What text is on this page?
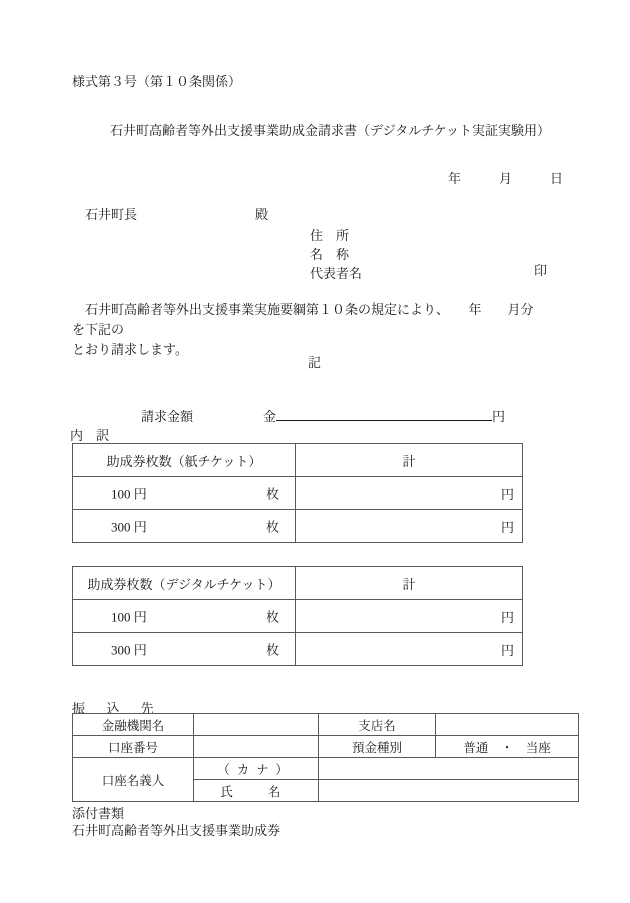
様式第３号（第１０条関係）
石井町高齢者等外出支援事業助成金請求書（デジタルチケット実証実験用）

年	月	日

石井町長	殿

住　所
名　称
代表者名	印
　石井町高齢者等外出支援事業実施要綱第１０条の規定により、　　年　　月分を下記の
とおり請求します。
記

請求金額	金	円

内　訳
助成券枚数（紙チケット）	計

100 円 枚	円

300 円 枚	円
助成券枚数（デジタルチケット）	計

100 円 枚	円

300 円 枚	円
振　込　先
金融機関名		支店名	
口座番号		預金種別	普通　・　当座
口座名義人	（カナ）		
	氏　名		
添付書類
石井町高齢者等外出支援事業助成券
